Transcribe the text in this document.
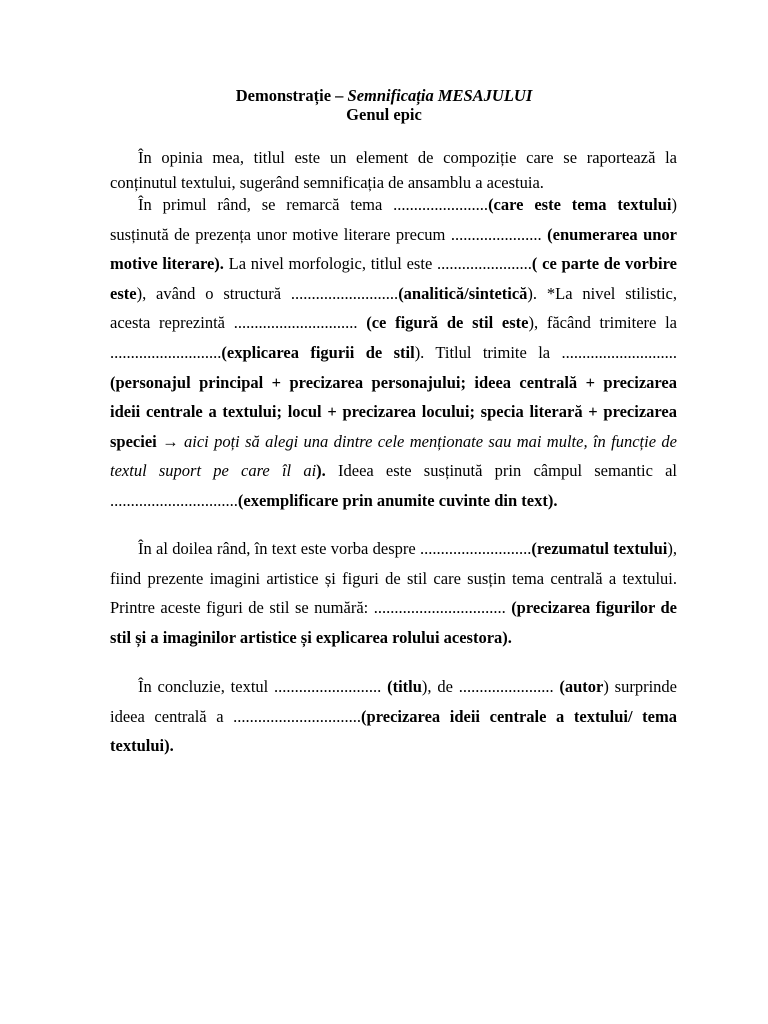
Demonstrație – Semnificația MESAJULUI
Genul epic

În opinia mea, titlul este un element de compoziție care se raportează la conținutul textului, sugerând semnificația de ansamblu a acestuia.

În primul rând, se remarcă tema .......................(care este tema textului) susținută de prezența unor motive literare precum ...................... (enumerarea unor motive literare). La nivel morfologic, titlul este .......................( ce parte de vorbire este), având o structură ..........................(analitică/sintetică). *La nivel stilistic, acesta reprezintă .............................. (ce figură de stil este), făcând trimitere la ...........................(explicarea figurii de stil). Titlul trimite la ............................(personajul principal + precizarea personajului; ideea centrală + precizarea ideii centrale a textului; locul + precizarea locului; specia literară + precizarea speciei → aici poți să alegi una dintre cele menționate sau mai multe, în funcție de textul suport pe care îl ai). Ideea este susținută prin câmpul semantic al ...............................(exemplificare prin anumite cuvinte din text).

În al doilea rând, în text este vorba despre ...........................(rezumatul textului), fiind prezente imagini artistice și figuri de stil care susțin tema centrală a textului. Printre aceste figuri de stil se numără: ................................ (precizarea figurilor de stil și a imaginilor artistice și explicarea rolului acestora).

În concluzie, textul .......................... (titlu), de ....................... (autor) surprinde ideea centrală a ...............................(precizarea ideii centrale a textului/ tema textului).
